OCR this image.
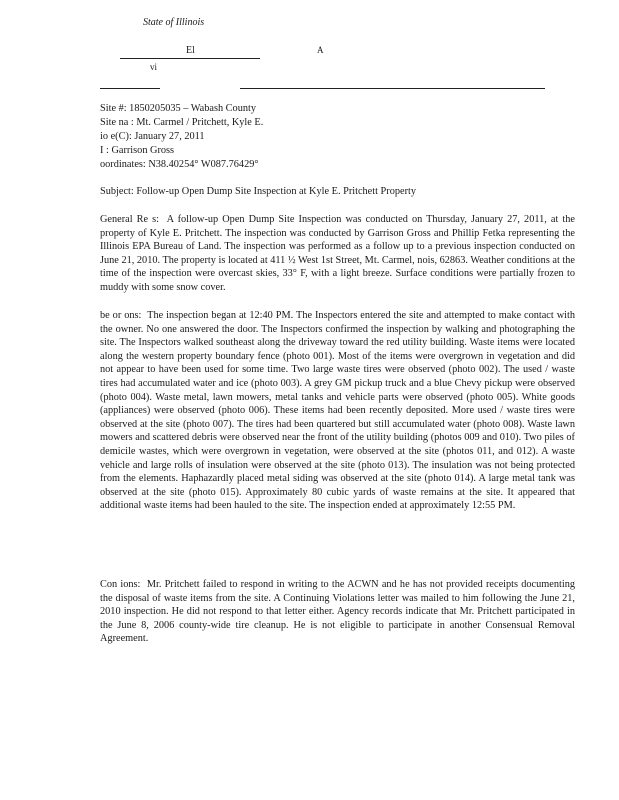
State of Illinois
El	A
vi
Site #: 1850205035 – Wabash County
Site na : Mt. Carmel / Pritchett, Kyle E.
io e(C): January 27, 2011
I : Garrison Gross
oordinates: N38.40254° W087.76429°
Subject: Follow-up Open Dump Site Inspection at Kyle E. Pritchett Property
General Re s: A follow-up Open Dump Site Inspection was conducted on Thursday, January 27, 2011, at the property of Kyle E. Pritchett. The inspection was conducted by Garrison Gross and Phillip Fetka representing the Illinois EPA Bureau of Land. The inspection was performed as a follow up to a previous inspection conducted on June 21, 2010. The property is located at 411 ½ West 1st Street, Mt. Carmel, nois, 62863. Weather conditions at the time of the inspection were overcast skies, 33° F, with a light breeze. Surface conditions were partially frozen to muddy with some snow cover.
be or ons: The inspection began at 12:40 PM. The Inspectors entered the site and attempted to make contact with the owner. No one answered the door. The Inspectors confirmed the inspection by walking and photographing the site. The Inspectors walked southeast along the driveway toward the red utility building. Waste items were located along the western property boundary fence (photo 001). Most of the items were overgrown in vegetation and did not appear to have been used for some time. Two large waste tires were observed (photo 002). The used / waste tires had accumulated water and ice (photo 003). A grey GM pickup truck and a blue Chevy pickup were observed (photo 004). Waste metal, lawn mowers, metal tanks and vehicle parts were observed (photo 005). White goods (appliances) were observed (photo 006). These items had been recently deposited. More used / waste tires were observed at the site (photo 007). The tires had been quartered but still accumulated water (photo 008). Waste lawn mowers and scattered debris were observed near the front of the utility building (photos 009 and 010). Two piles of demicile wastes, which were overgrown in vegetation, were observed at the site (photos 011, and 012). A waste vehicle and large rolls of insulation were observed at the site (photo 013). The insulation was not being protected from the elements. Haphazardly placed metal siding was observed at the site (photo 014). A large metal tank was observed at the site (photo 015). Approximately 80 cubic yards of waste remains at the site. It appeared that additional waste items had been hauled to the site. The inspection ended at approximately 12:55 PM.
Con ions: Mr. Pritchett failed to respond in writing to the ACWN and he has not provided receipts documenting the disposal of waste items from the site. A Continuing Violations letter was mailed to him following the June 21, 2010 inspection. He did not respond to that letter either. Agency records indicate that Mr. Pritchett participated in the June 8, 2006 county-wide tire cleanup. He is not eligible to participate in another Consensual Removal Agreement.
